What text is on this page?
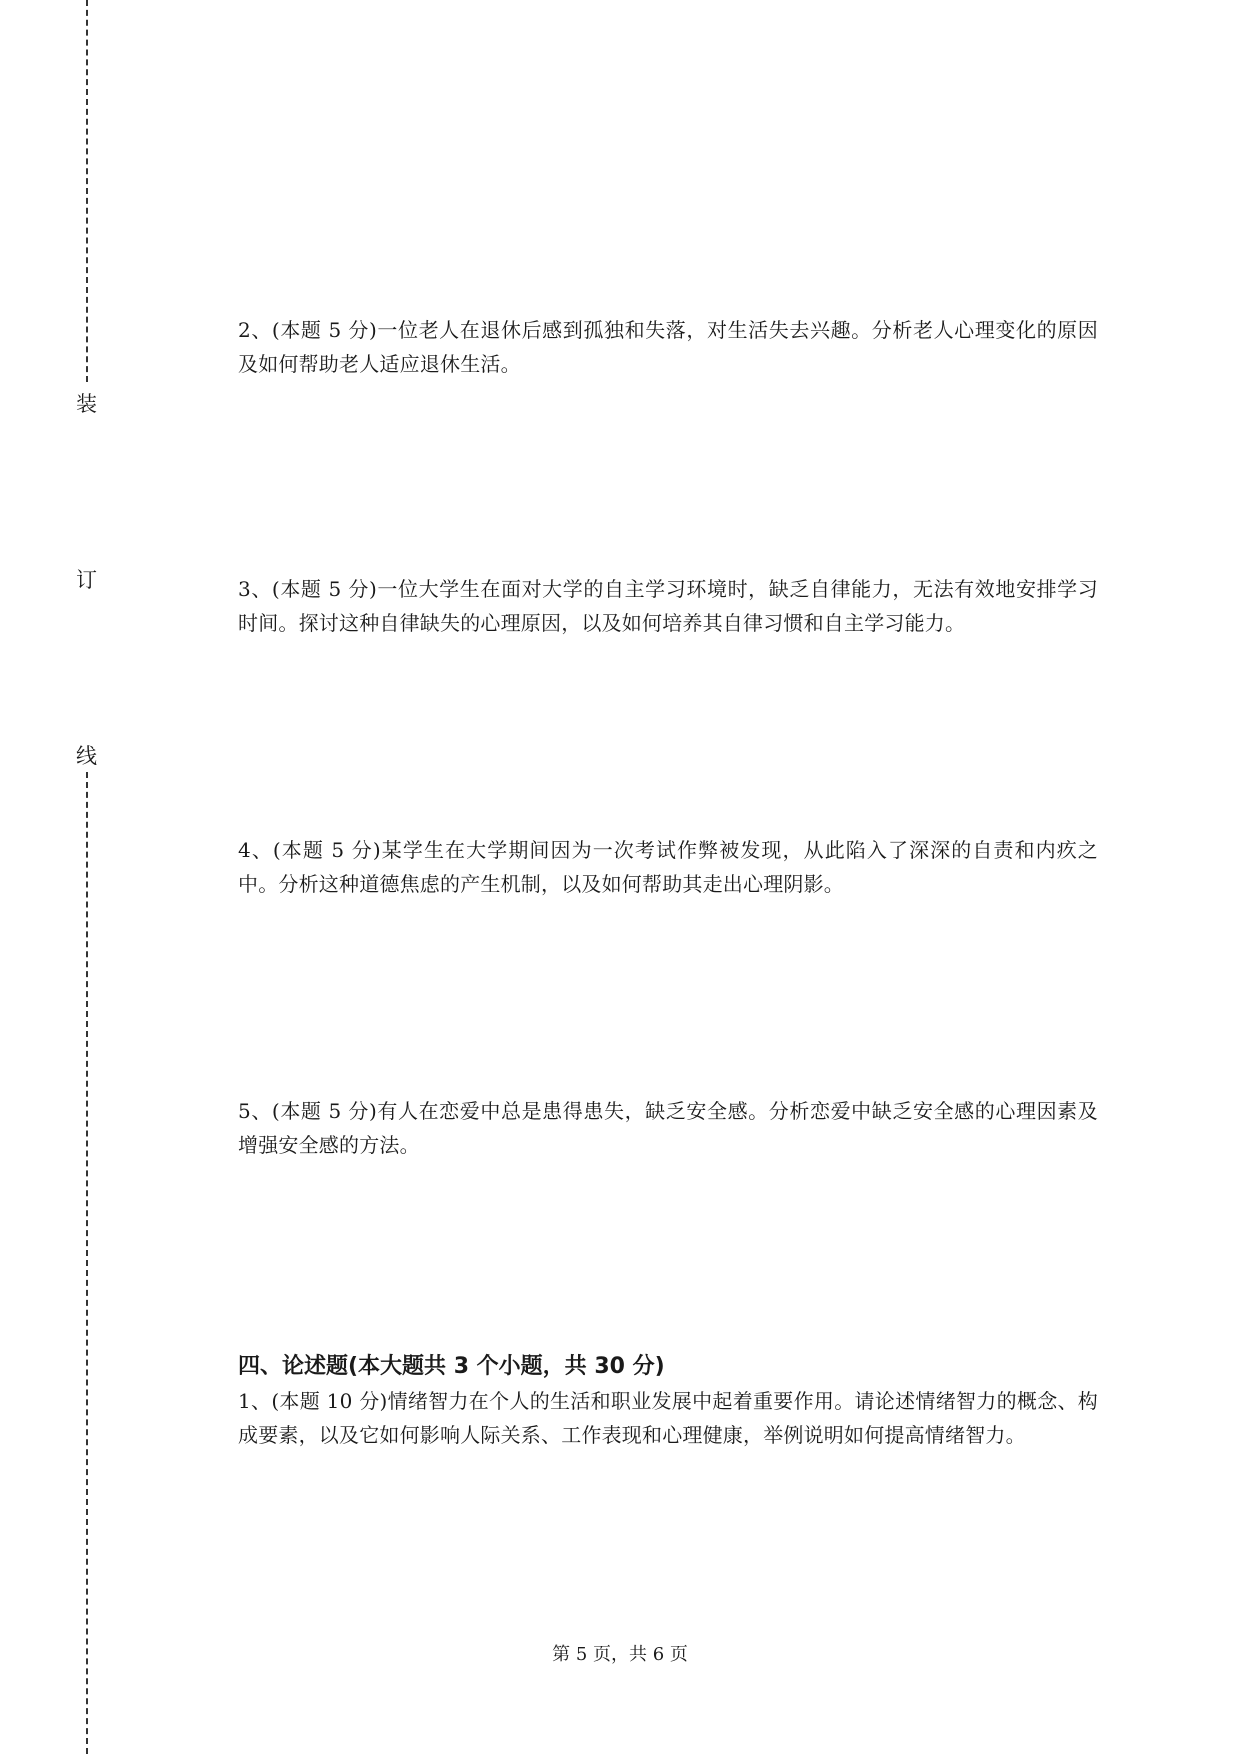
装
订
线

2、(本题 5 分)一位老人在退休后感到孤独和失落，对生活失去兴趣。分析老人心理变化的原因及如何帮助老人适应退休生活。

3、(本题 5 分)一位大学生在面对大学的自主学习环境时，缺乏自律能力，无法有效地安排学习时间。探讨这种自律缺失的心理原因，以及如何培养其自律习惯和自主学习能力。

4、(本题 5 分)某学生在大学期间因为一次考试作弊被发现，从此陷入了深深的自责和内疚之中。分析这种道德焦虑的产生机制，以及如何帮助其走出心理阴影。

5、(本题 5 分)有人在恋爱中总是患得患失，缺乏安全感。分析恋爱中缺乏安全感的心理因素及增强安全感的方法。

四、论述题(本大题共 3 个小题，共 30 分)

1、(本题 10 分)情绪智力在个人的生活和职业发展中起着重要作用。请论述情绪智力的概念、构成要素，以及它如何影响人际关系、工作表现和心理健康，举例说明如何提高情绪智力。

第 5 页，共 6 页
